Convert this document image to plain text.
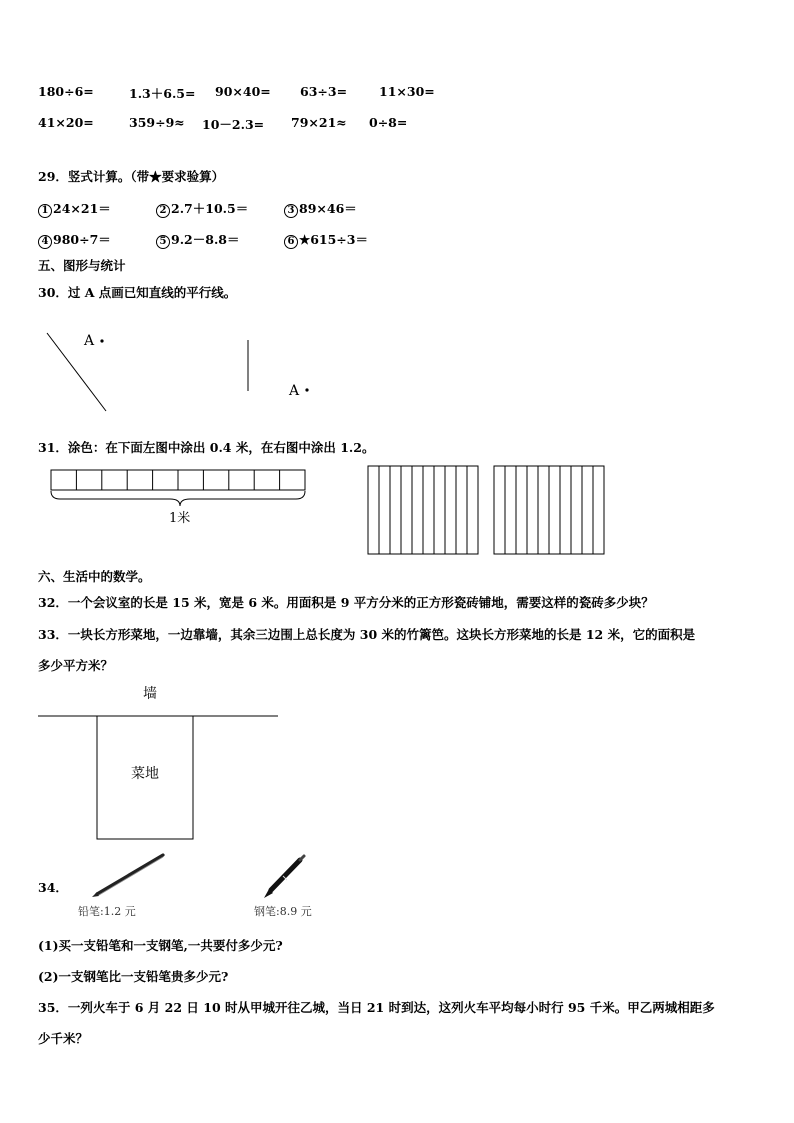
180÷6=	1.3＋6.5= 90×40= 63÷3=	11×30=
41×20=	359÷9≈ 10－2.3= 79×21≈ 0÷8=
29．竖式计算。（带★要求验算）
1 24×21＝	2 2.7＋10.5＝	3 89×46＝
4 980÷7＝	5 9.2－8.8＝	6 ★615÷3＝
五、图形与统计
30．过 A 点画已知直线的平行线。
A
A
31．涂色：在下面左图中涂出 0.4 米，在右图中涂出 1.2。
1米
六、生活中的数学。
32．一个会议室的长是 15 米，宽是 6 米。用面积是 9 平方分米的正方形瓷砖铺地，需要这样的瓷砖多少块？
33．一块长方形菜地，一边靠墙，其余三边围上总长度为 30 米的竹篱笆。这块长方形菜地的长是 12 米，它的面积是
多少平方米？
墙
菜地
34．
铅笔:1.2 元	钢笔:8.9 元
(1)买一支铅笔和一支钢笔,一共要付多少元?
(2)一支钢笔比一支铅笔贵多少元?
35．一列火车于 6 月 22 日 10 时从甲城开往乙城，当日 21 时到达，这列火车平均每小时行 95 千米。甲乙两城相距多
少千米？
